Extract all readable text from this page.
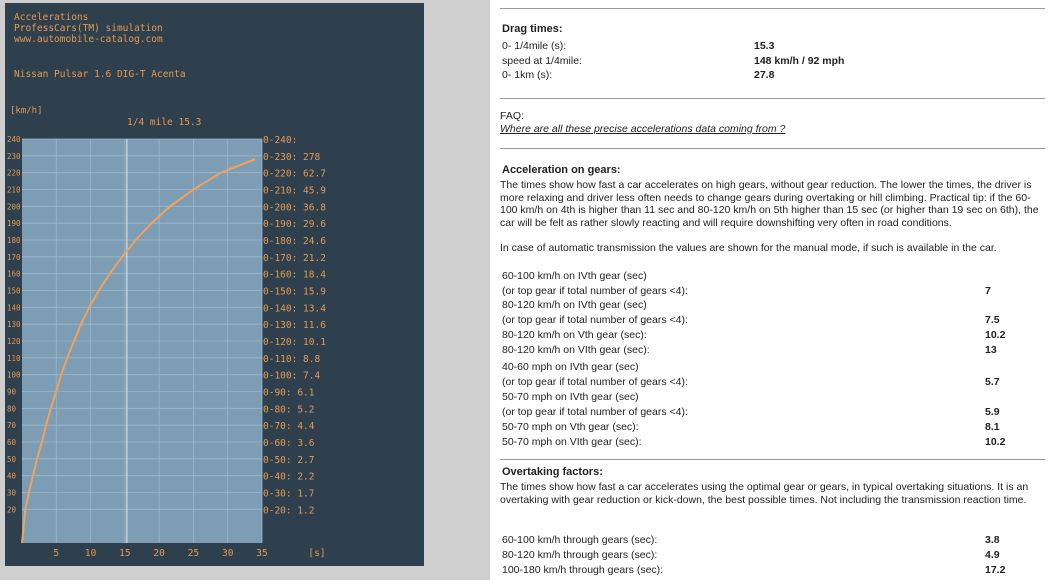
Accelerations
ProfessCars(TM) simulation
www.automobile-catalog.com
Nissan Pulsar 1.6 DIG-T Acenta
[km/h]
1/4 mile 15.3
20
30
40
50
60
70
80
90
100
110
120
130
140
150
160
170
180
190
200
210
220
230
240
5	10 15 20 25 30 35	[s]
0-240:
0-230: 278
0-220: 62.7
0-210: 45.9
0-200: 36.8
0-190: 29.6
0-180: 24.6
0-170: 21.2
0-160: 18.4
0-150: 15.9
0-140: 13.4
0-130: 11.6
0-120: 10.1
0-110: 8.8
0-100: 7.4
0-90: 6.1
0-80: 5.2
0-70: 4.4
0-60: 3.6
0-50: 2.7
0-40: 2.2
0-30: 1.7
0-20: 1.2
Drag times:
0- 1/4mile (s):	15.3
speed at 1/4mile:	148 km/h / 92 mph
0- 1km (s):	27.8
FAQ:
Where are all these precise accelerations data coming from ?
Acceleration on gears:
The times show how fast a car accelerates on high gears, without gear reduction. The lower the times, the driver is more relaxing and driver less often needs to change gears during overtaking or hill climbing. Practical tip: if the 60-100 km/h on 4th is higher than 11 sec and 80-120 km/h on 5th higher than 15 sec (or higher than 19 sec on 6th), the car will be felt as rather slowly reacting and will require downshifting very often in road conditions.
In case of automatic transmission the values are shown for the manual mode, if such is available in the car.
60-100 km/h on IVth gear (sec)
(or top gear if total number of gears <4):	7
80-120 km/h on IVth gear (sec)
(or top gear if total number of gears <4):	7.5
80-120 km/h on Vth gear (sec):	10.2
80-120 km/h on VIth gear (sec):	13
40-60 mph on IVth gear (sec)
(or top gear if total number of gears <4):	5.7
50-70 mph on IVth gear (sec)
(or top gear if total number of gears <4):	5.9
50-70 mph on Vth gear (sec):	8.1
50-70 mph on VIth gear (sec):	10.2
Overtaking factors:
The times show how fast a car accelerates using the optimal gear or gears, in typical overtaking situations. It is an overtaking with gear reduction or kick-down, the best possible times. Not including the transmission reaction time.
60-100 km/h through gears (sec):	3.8
80-120 km/h through gears (sec):	4.9
100-180 km/h through gears (sec):	17.2
